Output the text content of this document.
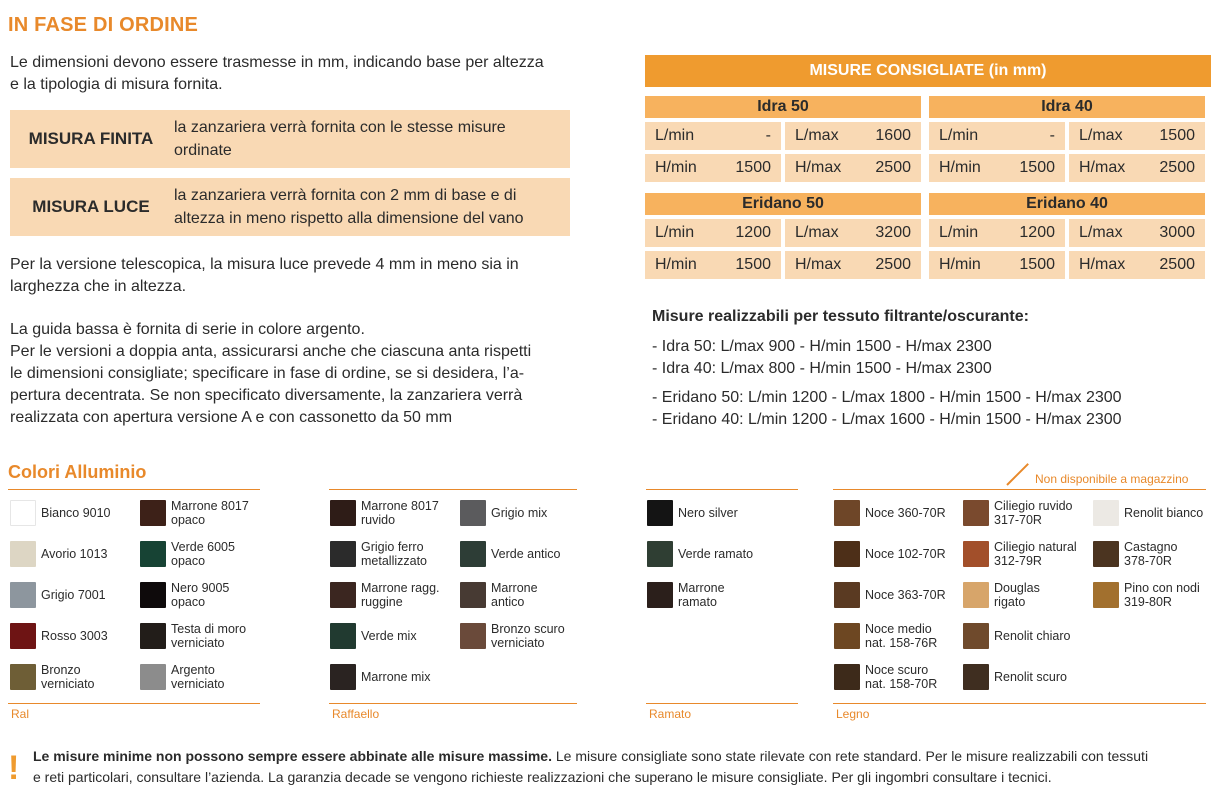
IN FASE DI ORDINE

Le dimensioni devono essere trasmesse in mm, indicando base per altezza

e la tipologia di misura fornita.

MISURA FINITA
la zanzariera verrà fornita con le stesse misure
ordinate
MISURA LUCE
la zanzariera verrà fornita con 2 mm di base e di
altezza in meno rispetto alla dimensione del vano

Per la versione telescopica, la misura luce prevede 4 mm in meno sia in

larghezza che in altezza.

La guida bassa è fornita di serie in colore argento.

Per le versioni a doppia anta, assicurarsi anche che ciascuna anta rispetti

le dimensioni consigliate; specificare in fase di ordine, se si desidera, l’a-

pertura decentrata. Se non specificato diversamente, la zanzariera verrà

realizzata con apertura versione A e con cassonetto da 50 mm

MISURE CONSIGLIATE (in mm)
Idra 50
L/min	- L/max	1600
H/min	1500 H/max	2500
Idra 40
L/min	- L/max	1500
H/min	1500 H/max	2500
Eridano 50
L/min	1200 L/max	3200
H/min	1500 H/max	2500
Eridano 40
L/min	1200 L/max	3000
H/min	1500 H/max	2500
Misure realizzabili per tessuto filtrante/oscurante:
- Idra 50: L/max 900 - H/min 1500 - H/max 2300
- Idra 40: L/max 800 - H/min 1500 - H/max 2300
- Eridano 50: L/min 1200 - L/max 1800 - H/min 1500 - H/max 2300
- Eridano 40: L/min 1200 - L/max 1600 - H/min 1500 - H/max 2300
Colori Alluminio	Non disponibile a magazzino
Ral
Bianco 9010
Avorio 1013
Grigio 7001
Rosso 3003
Bronzo
verniciato
Marrone 8017
opaco
Verde 6005
opaco
Nero 9005
opaco
Testa di moro
verniciato
Argento
verniciato
Raffaello
Marrone 8017
ruvido
Grigio ferro
metallizzato
Marrone ragg.
ruggine
Verde mix
Marrone mix
Grigio mix
Verde antico
Marrone
antico
Bronzo scuro
verniciato
Ramato
Nero silver
Verde ramato
Marrone
ramato
Legno
Noce 360-70R
Noce 102-70R
Noce 363-70R
Noce medio
nat. 158-76R
Noce scuro
nat. 158-70R
Ciliegio ruvido
317-70R
Ciliegio natural
312-79R
Douglas
rigato
Renolit chiaro
Renolit scuro
Renolit bianco
Castagno
378-70R
Pino con nodi
319-80R
! Le misure minime non possono sempre essere abbinate alle misure massime. Le misure consigliate sono state rilevate con rete standard. Per le misure realizzabili con tessuti
e reti particolari, consultare l’azienda. La garanzia decade se vengono richieste realizzazioni che superano le misure consigliate. Per gli ingombri consultare i tecnici.
